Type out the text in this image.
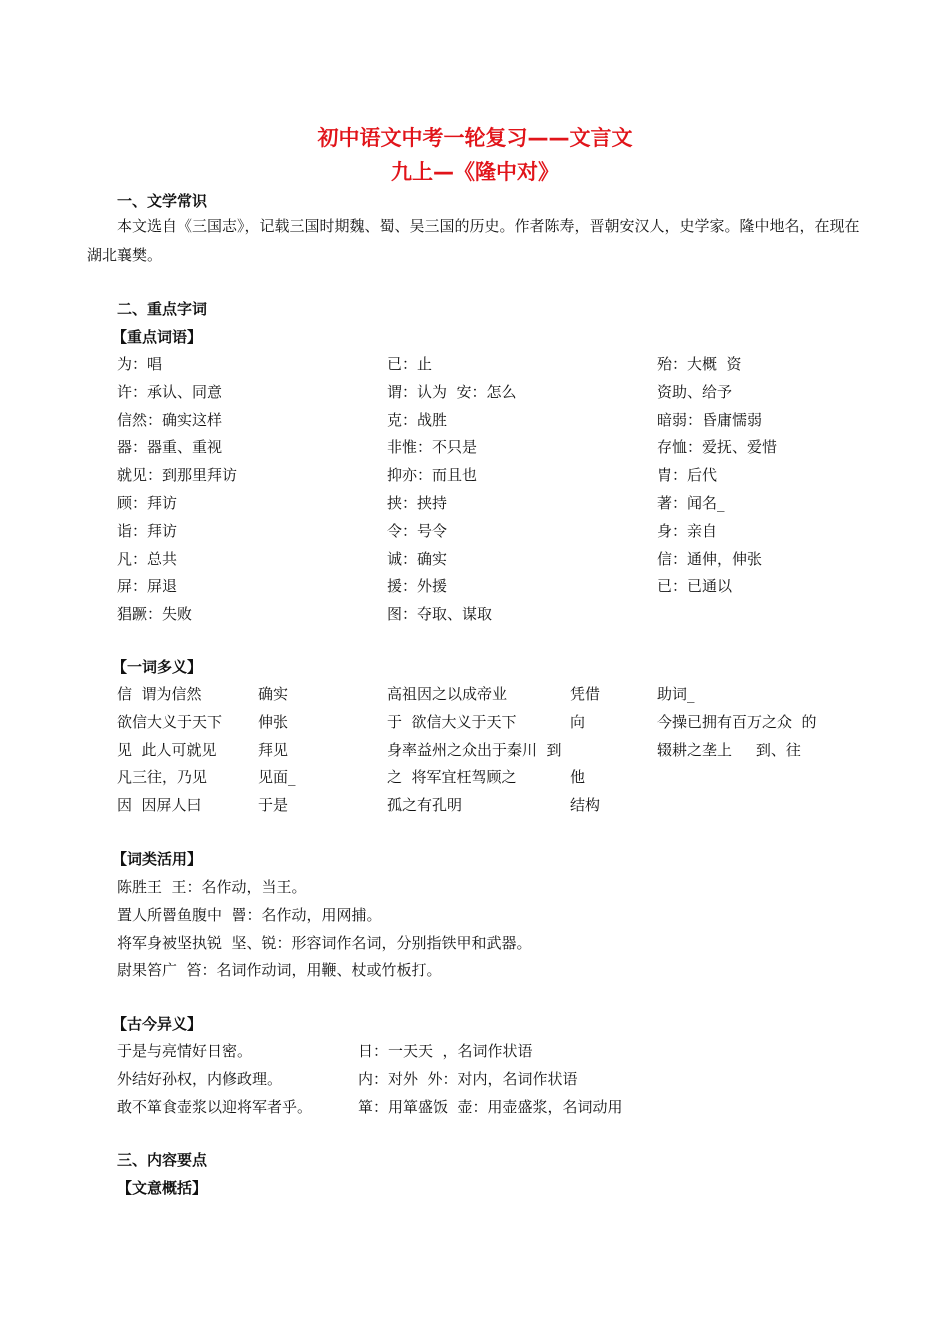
初中语文中考一轮复习——文言文
九上—《隆中对》
一、文学常识
本文选自《三国志》，记载三国时期魏、蜀、吴三国的历史。作者陈寿，晋朝安汉人，史学家。隆中地名，在现在湖北襄樊。
二、重点字词
【重点词语】
为：唱	已：止	殆：大概  资
许：承认、同意	谓：认为  安：怎么	资助、给予
信然：确实这样	克：战胜	暗弱：昏庸懦弱
器：器重、重视	非惟：不只是	存恤：爱抚、爱惜
就见：到那里拜访	抑亦：而且也	胄：后代
顾：拜访	挟：挟持	著：闻名_
诣：拜访	令：号令	身：亲自
凡：总共	诚：确实	信：通伸，伸张
屏：屏退	援：外援	已：已通以
猖蹶：失败	图：夺取、谋取
【一词多义】
信  谓为信然	确实	高祖因之以成帝业	凭借	助词_
欲信大义于天下 伸张	于  欲信大义于天下	向	今操已拥有百万之众  的
见  此人可就见	拜见	身率益州之众出于秦川  到	辍耕之垄上     到、往
凡三往，乃见	见面_	之  将军宜枉驾顾之	他
因  因屏人曰	于是	孤之有孔明	结构
【词类活用】
陈胜王  王：名作动，当王。
置人所罾鱼腹中  罾：名作动，用网捕。
将军身被坚执锐  坚、锐：形容词作名词，分别指铁甲和武器。
尉果笞广  笞：名词作动词，用鞭、杖或竹板打。
【古今异义】
于是与亮情好日密。	日：一天天  ，名词作状语
外结好孙权，内修政理。	内：对外  外：对内，名词作状语
敢不箪食壶浆以迎将军者乎。	箪：用箪盛饭  壶：用壶盛浆，名词动用
三、内容要点
【文意概括】
